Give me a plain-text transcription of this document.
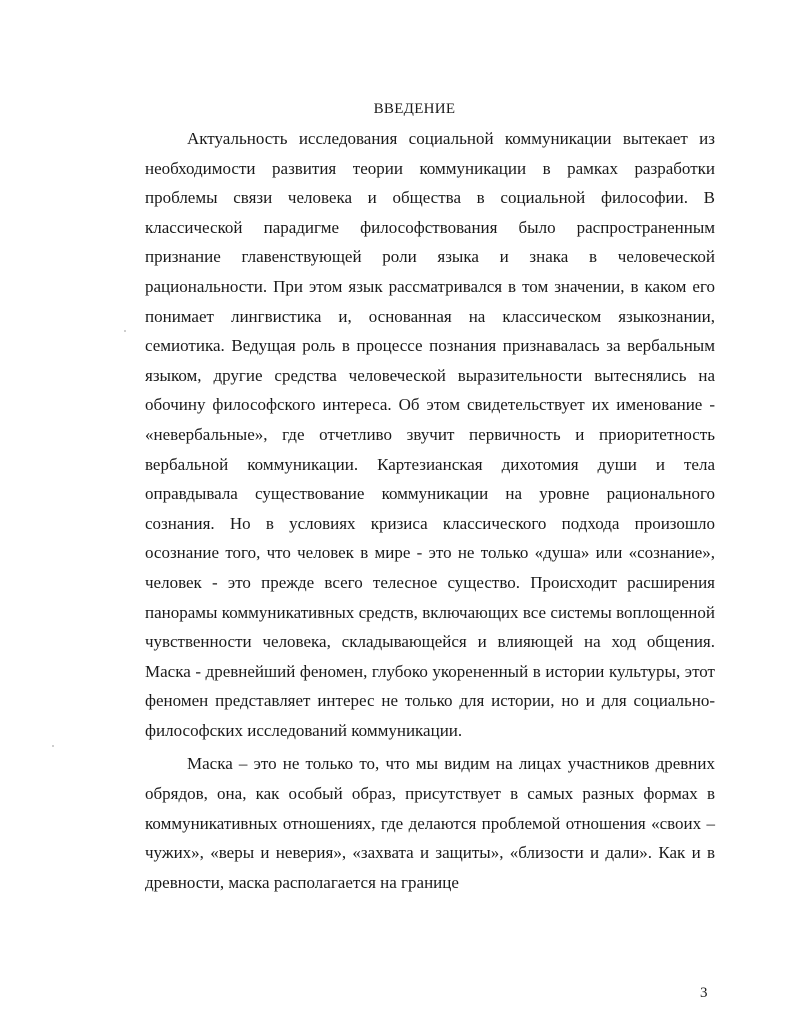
ВВЕДЕНИЕ

Актуальность исследования социальной коммуникации вытекает из необходимости развития теории коммуникации в рамках разработки проблемы связи человека и общества в социальной философии. В классической парадигме философствования было распространенным признание главенствующей роли языка и знака в человеческой рациональности. При этом язык рассматривался в том значении, в каком его понимает лингвистика и, основанная на классическом языкознании, семиотика. Ведущая роль в процессе познания признавалась за вербальным языком, другие средства человеческой выразительности вытеснялись на обочину философского интереса. Об этом свидетельствует их именование - «невербальные», где отчетливо звучит первичность и приоритетность вербальной коммуникации. Картезианская дихотомия души и тела оправдывала существование коммуникации на уровне рационального сознания. Но в условиях кризиса классического подхода произошло осознание того, что человек в мире - это не только «душа» или «сознание», человек - это прежде всего телесное существо. Происходит расширения панорамы коммуникативных средств, включающих все системы воплощенной чувственности человека, складывающейся и влияющей на ход общения. Маска - древнейший феномен, глубоко укорененный в истории культуры, этот феномен представляет интерес не только для истории, но и для социально-философских исследований коммуникации.

Маска – это не только то, что мы видим на лицах участников древних обрядов, она, как особый образ, присутствует в самых разных формах в коммуникативных отношениях, где делаются проблемой отношения «своих – чужих», «веры и неверия», «захвата и защиты», «близости и дали». Как и в древности, маска располагается на границе

3
